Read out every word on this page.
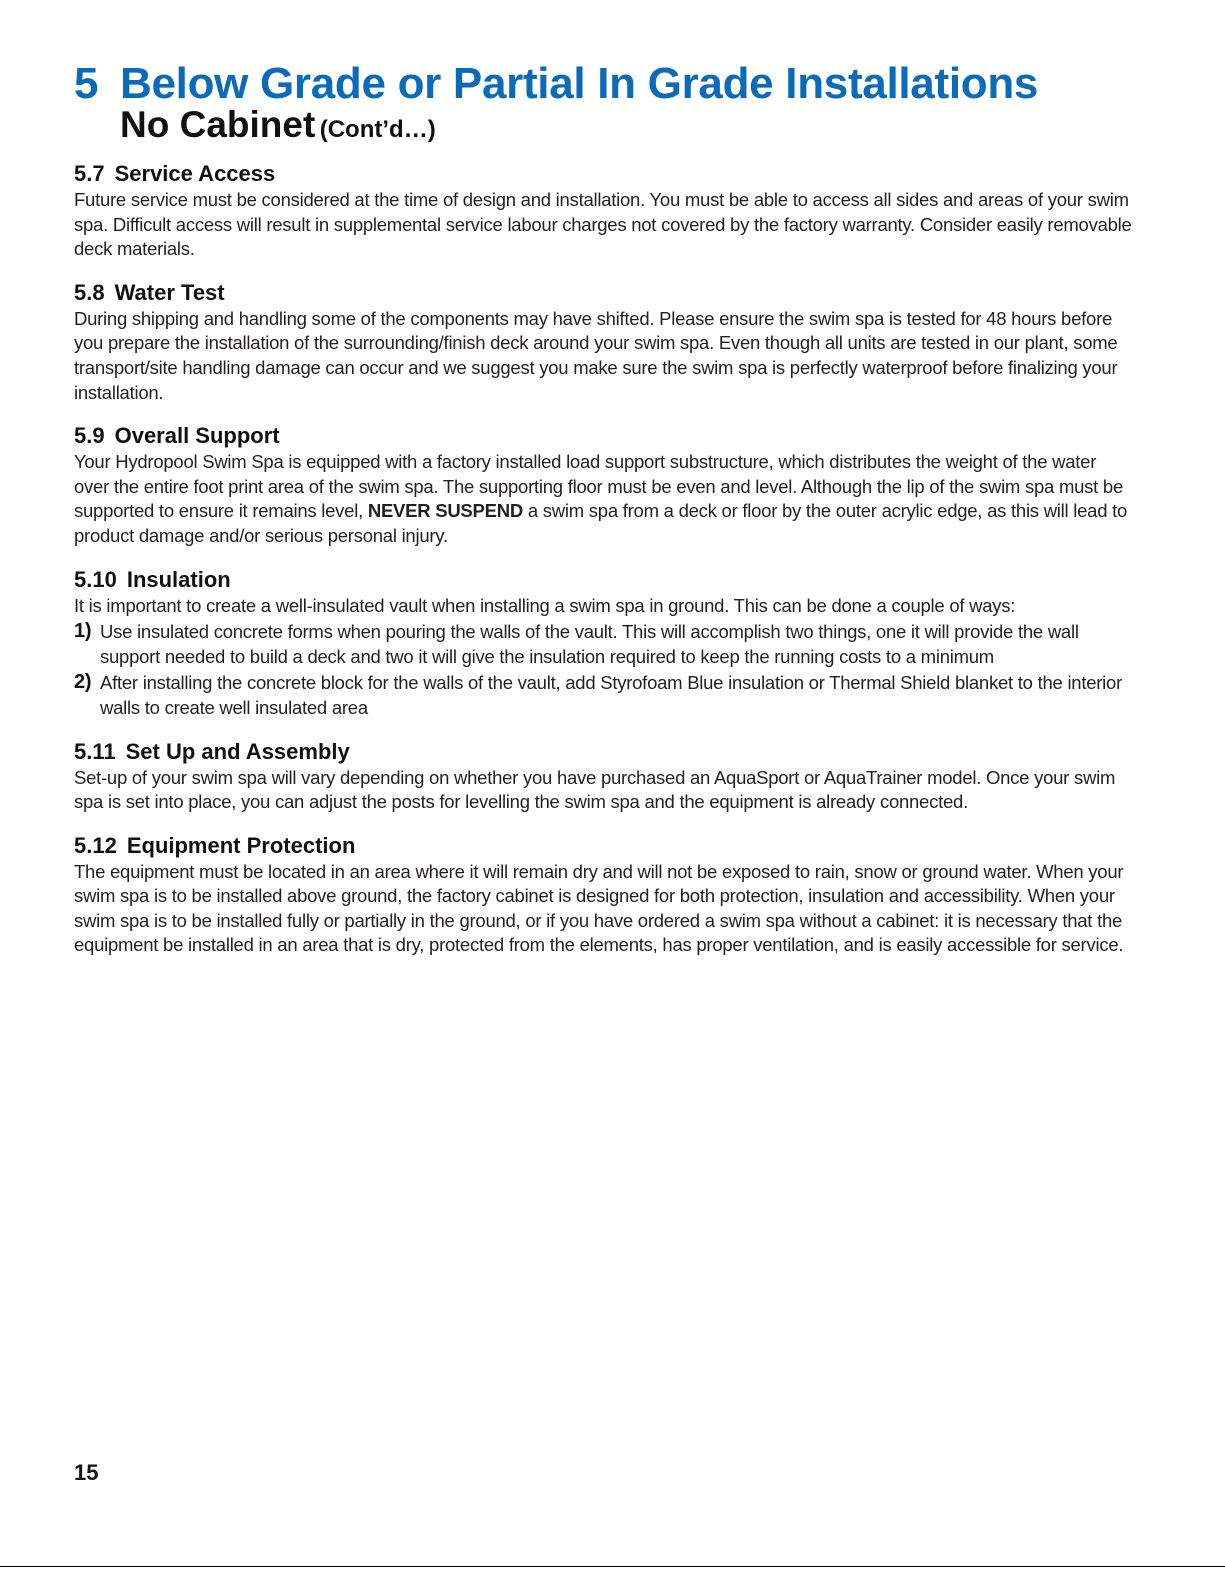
5 Below Grade or Partial In Grade Installations
No Cabinet (Cont’d…)
5.7 Service Access

Future service must be considered at the time of design and installation. You must be able to access all sides and areas of your swim spa. Difficult access will result in supplemental service labour charges not covered by the factory warranty. Consider easily removable deck materials.

5.8 Water Test

During shipping and handling some of the components may have shifted. Please ensure the swim spa is tested for 48 hours before you prepare the installation of the surrounding/finish deck around your swim spa. Even though all units are tested in our plant, some transport/site handling damage can occur and we suggest you make sure the swim spa is perfectly waterproof before finalizing your installation.

5.9 Overall Support

Your Hydropool Swim Spa is equipped with a factory installed load support substructure, which distributes the weight of the water over the entire foot print area of the swim spa. The supporting floor must be even and level. Although the lip of the swim spa must be supported to ensure it remains level, NEVER SUSPEND a swim spa from a deck or floor by the outer acrylic edge, as this will lead to product damage and/or serious personal injury.

5.10 Insulation

It is important to create a well-insulated vault when installing a swim spa in ground. This can be done a couple of ways:

1) Use insulated concrete forms when pouring the walls of the vault. This will accomplish two things, one it will provide the wall support needed to build a deck and two it will give the insulation required to keep the running costs to a minimum
2) After installing the concrete block for the walls of the vault, add Styrofoam Blue insulation or Thermal Shield blanket to the interior walls to create well insulated area
5.11 Set Up and Assembly

Set-up of your swim spa will vary depending on whether you have purchased an AquaSport or AquaTrainer model. Once your swim spa is set into place, you can adjust the posts for levelling the swim spa and the equipment is already connected.

5.12 Equipment Protection

The equipment must be located in an area where it will remain dry and will not be exposed to rain, snow or ground water. When your swim spa is to be installed above ground, the factory cabinet is designed for both protection, insulation and accessibility. When your swim spa is to be installed fully or partially in the ground, or if you have ordered a swim spa without a cabinet: it is necessary that the equipment be installed in an area that is dry, protected from the elements, has proper ventilation, and is easily accessible for service.

15
